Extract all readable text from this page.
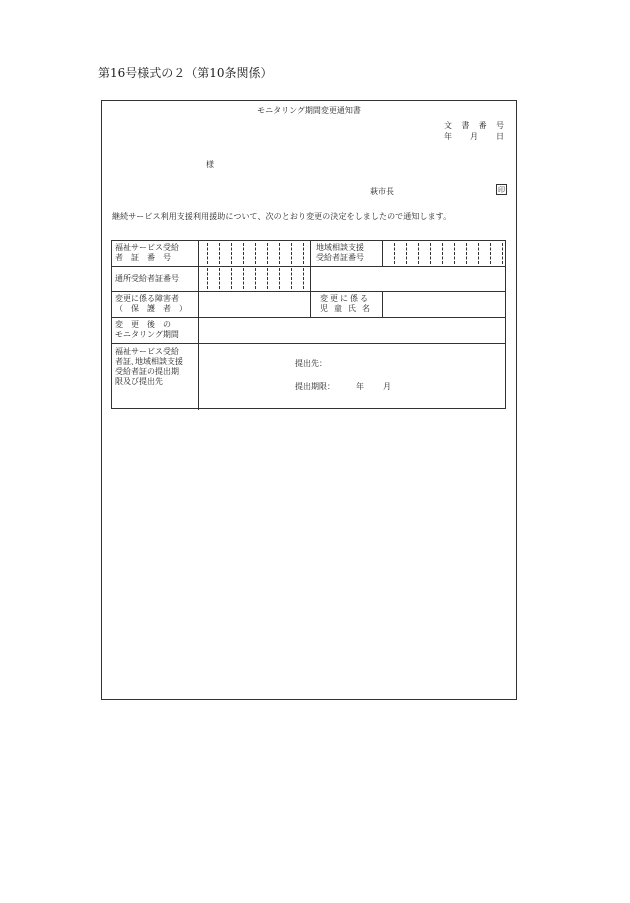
第16号様式の２（第10条関係）
モニタリング期間変更通知書
文 書 番 号
年 月 日
様
萩市長	印
継続サービス利用支援利用援助について、次のとおり変更の決定をしましたので通知します。
福祉サービス受給
者　証　番　号
地域相談支援
受給者証番号
通所受給者証番号
変更に係る障害者
（　保　護　者　）
変更に係る
児童氏名
変　更　後　の
モニタリング期間
福祉サービス受給
者証､地域相談支援
受給者証の提出期
限及び提出先
提出先：
提出期限：	年 月
